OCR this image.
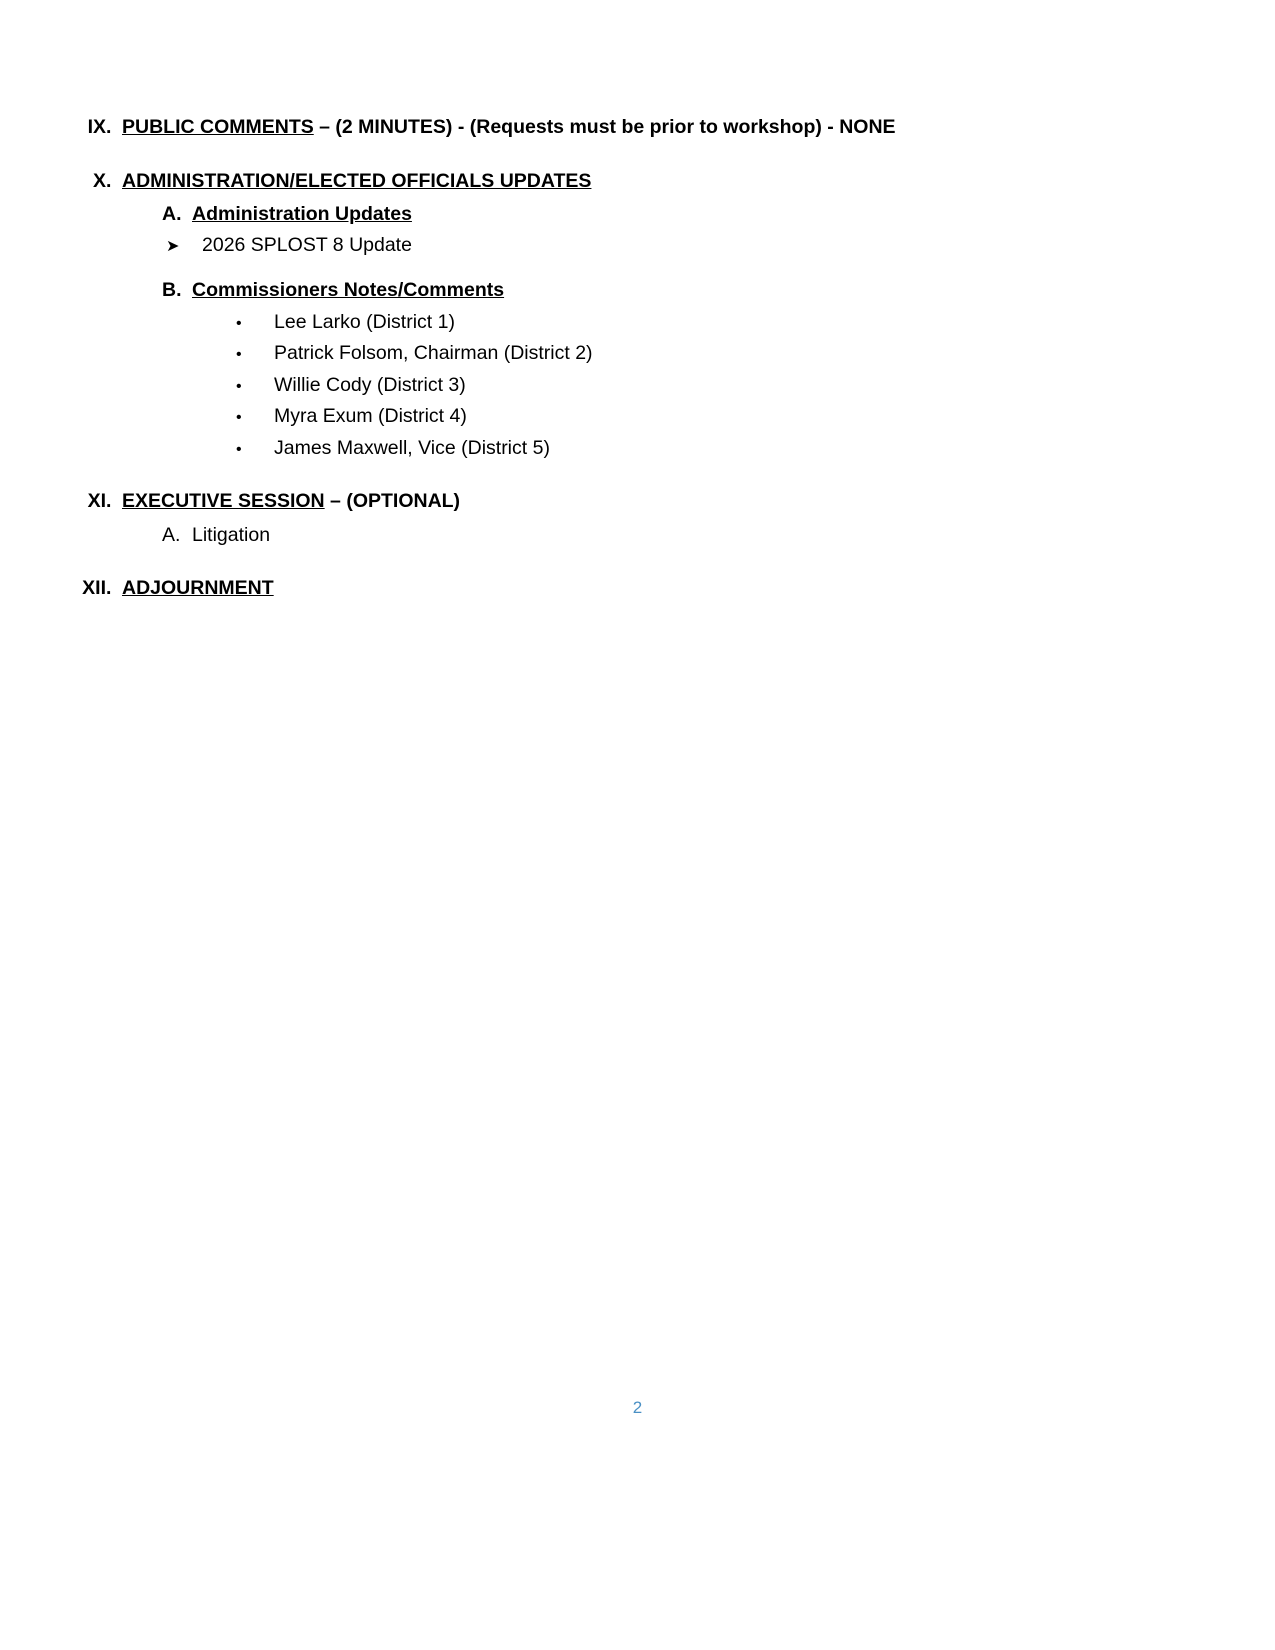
IX . PUBLIC COMMENTS – (2 MINUTES) - (Requests must be prior to workshop) - NONE
X . ADMINISTRATION/ELECTED OFFICIALS UPDATES
A. Administration Updates
➤	2026 SPLOST 8 Update
B. Commissioners Notes/Comments
•	Lee Larko (District 1)
•	Patrick Folsom, Chairman (District 2)
•	Willie Cody (District 3)
•	Myra Exum (District 4)
•	James Maxwell, Vice (District 5)
XI . EXECUTIVE SESSION – (OPTIONAL)
A. Litigation
XII . ADJOURNMENT
2
